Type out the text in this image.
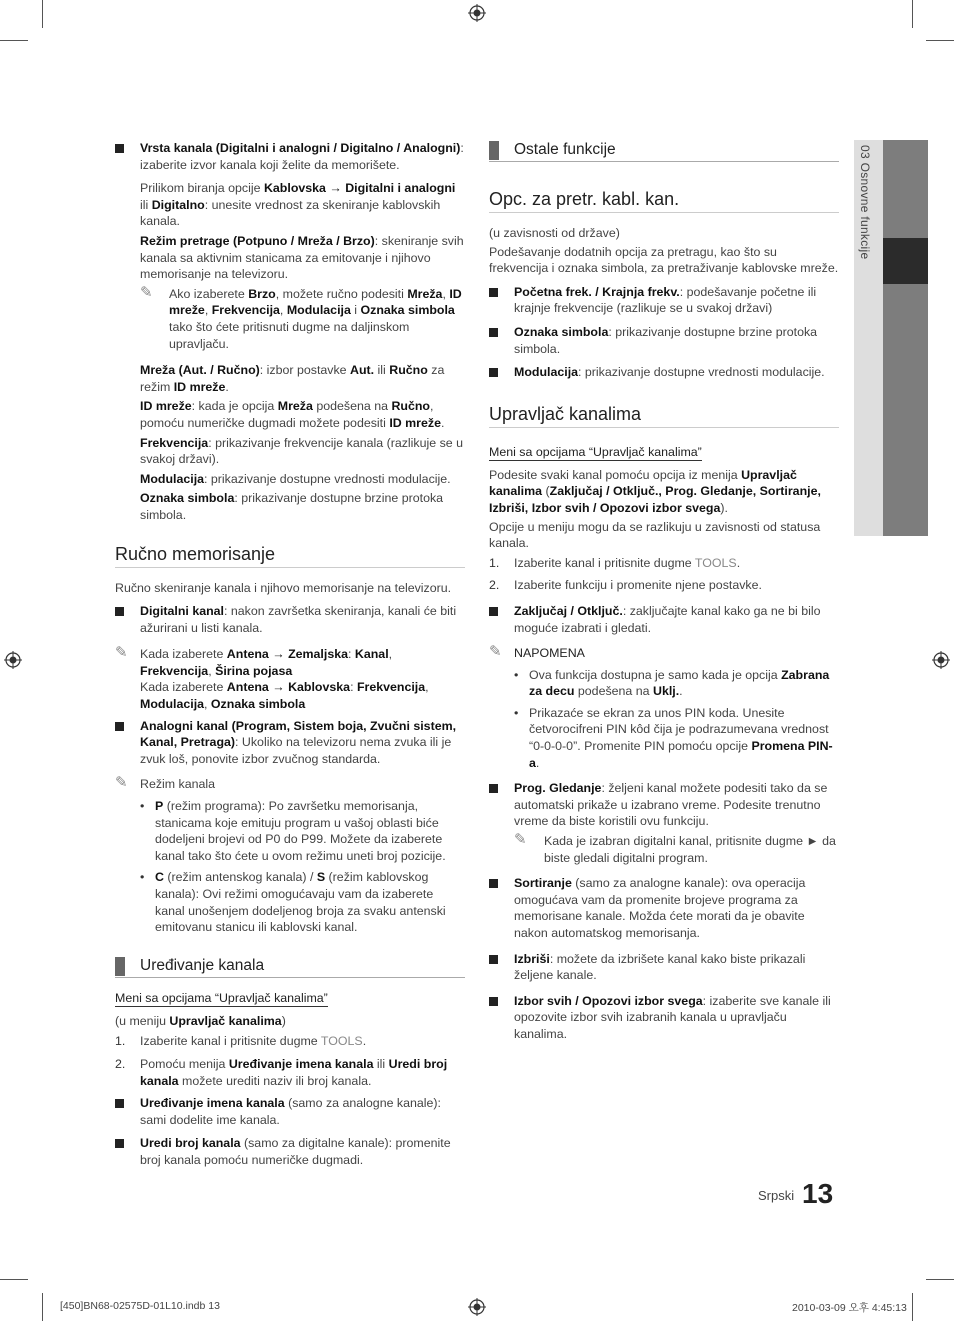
03 Osnovne funkcije
Vrsta kanala (Digitalni i analogni / Digitalno / Analogni): izaberite izvor kanala koji želite da memorišete.
Prilikom biranja opcije Kablovska → Digitalni i analogni ili Digitalno: unesite vrednost za skeniranje kablovskih kanala.
Režim pretrage (Potpuno / Mreža / Brzo): skeniranje svih kanala sa aktivnim stanicama za emitovanje i njihovo memorisanje na televizoru.
✎ Ako izaberete Brzo, možete ručno podesiti Mreža, ID mreže, Frekvencija, Modulacija i Oznaka simbola tako što ćete pritisnuti dugme na daljinskom upravljaču.
Mreža (Aut. / Ručno): izbor postavke Aut. ili Ručno za režim ID mreže.
ID mreže: kada je opcija Mreža podešena na Ručno, pomoću numeričke dugmadi možete podesiti ID mreže.
Frekvencija: prikazivanje frekvencije kanala (razlikuje se u svakoj državi).
Modulacija: prikazivanje dostupne vrednosti modulacije.
Oznaka simbola: prikazivanje dostupne brzine protoka simbola.
Ručno memorisanje
Ručno skeniranje kanala i njihovo memorisanje na televizoru.
Digitalni kanal: nakon završetka skeniranja, kanali će biti ažurirani u listi kanala.
✎ Kada izaberete Antena → Zemaljska: Kanal, Frekvencija, Širina pojasa
Kada izaberete Antena → Kablovska: Frekvencija, Modulacija, Oznaka simbola
Analogni kanal (Program, Sistem boja, Zvučni sistem, Kanal, Pretraga): Ukoliko na televizoru nema zvuka ili je zvuk loš, ponovite izbor zvučnog standarda.
✎ Režim kanala
• P (režim programa): Po završetku memorisanja, stanicama koje emituju program u vašoj oblasti biće dodeljeni brojevi od P0 do P99. Možete da izaberete kanal tako što ćete u ovom režimu uneti broj pozicije.
• C (režim antenskog kanala) / S (režim kablovskog kanala): Ovi režimi omogućavaju vam da izaberete kanal unošenjem dodeljenog broja za svaku antenski emitovanu stanicu ili kablovski kanal.
Uređivanje kanala
Meni sa opcijama “Upravljač kanalima”
(u meniju Upravljač kanalima)
1. Izaberite kanal i pritisnite dugme TOOLS.
2. Pomoću menija Uređivanje imena kanala ili Uredi broj kanala možete urediti naziv ili broj kanala.
Uređivanje imena kanala (samo za analogne kanale): sami dodelite ime kanala.
Uredi broj kanala (samo za digitalne kanale): promenite broj kanala pomoću numeričke dugmadi.
Ostale funkcije
Opc. za pretr. kabl. kan.
(u zavisnosti od države)
Podešavanje dodatnih opcija za pretragu, kao što su frekvencija i oznaka simbola, za pretraživanje kablovske mreže.
Početna frek. / Krajnja frekv.: podešavanje početne ili krajnje frekvencije (razlikuje se u svakoj državi)
Oznaka simbola: prikazivanje dostupne brzine protoka simbola.
Modulacija: prikazivanje dostupne vrednosti modulacije.
Upravljač kanalima
Meni sa opcijama “Upravljač kanalima”
Podesite svaki kanal pomoću opcija iz menija Upravljač kanalima (Zaključaj / Otključ., Prog. Gledanje, Sortiranje, Izbriši, Izbor svih / Opozovi izbor svega).
Opcije u meniju mogu da se razlikuju u zavisnosti od statusa kanala.
1. Izaberite kanal i pritisnite dugme TOOLS.
2. Izaberite funkciju i promenite njene postavke.
Zaključaj / Otključ.: zaključajte kanal kako ga ne bi bilo moguće izabrati i gledati.
✎ NAPOMENA
• Ova funkcija dostupna je samo kada je opcija Zabrana za decu podešena na Uklj..
• Prikazaće se ekran za unos PIN koda. Unesite četvorocifreni PIN kôd čija je podrazumevana vrednost “0-0-0-0”. Promenite PIN pomoću opcije Promena PIN-a.
Prog. Gledanje: željeni kanal možete podesiti tako da se automatski prikaže u izabrano vreme. Podesite trenutno vreme da biste koristili ovu funkciju.
✎ Kada je izabran digitalni kanal, pritisnite dugme ► da biste gledali digitalni program.
Sortiranje (samo za analogne kanale): ova operacija omogućava vam da promenite brojeve programa za memorisane kanale. Možda ćete morati da je obavite nakon automatskog memorisanja.
Izbriši: možete da izbrišete kanal kako biste prikazali željene kanale.
Izbor svih / Opozovi izbor svega: izaberite sve kanale ili opozovite izbor svih izabranih kanala u upravljaču kanalima.
Srpski 13
[450]BN68-02575D-01L10.indb 13	2010-03-09 오후 4:45:13
